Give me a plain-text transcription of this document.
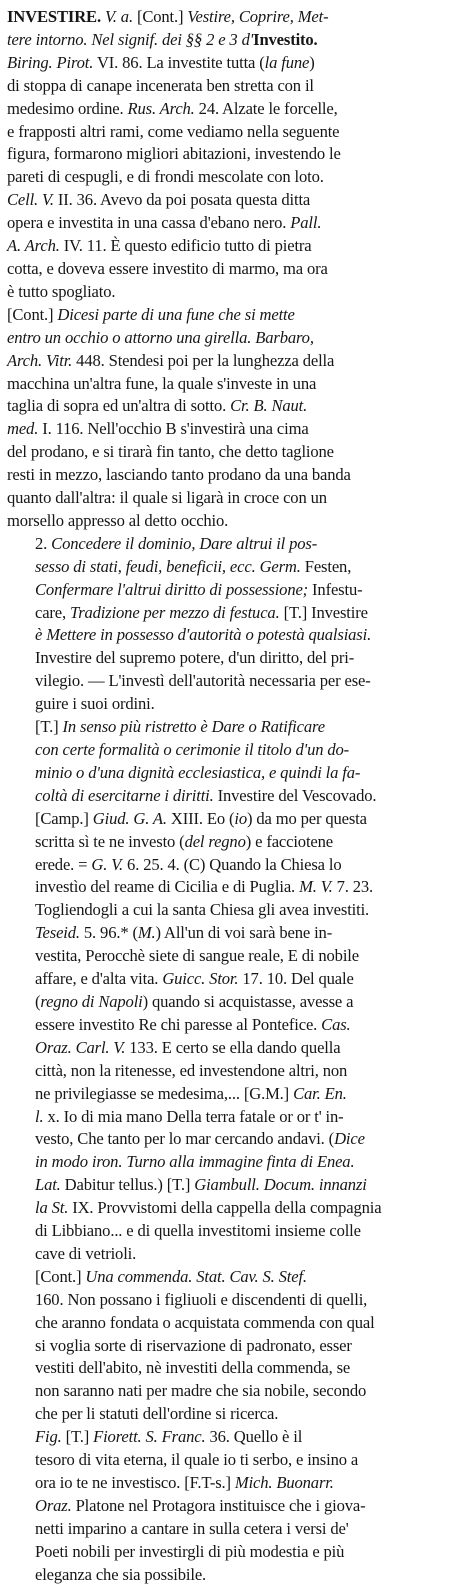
INVESTIRE. V. a. [Cont.] Vestire, Coprire, Met-
tere intorno. Nel signif. dei §§ 2 e 3 d'Investito.
Biring. Pirot. VI. 86. La investite tutta (la fune)
di stoppa di canape incenerata ben stretta con il
medesimo ordine. Rus. Arch. 24. Alzate le forcelle,
e frapposti altri rami, come vediamo nella seguente
figura, formarono migliori abitazioni, investendo le
pareti di cespugli, e di frondi mescolate con loto.
Cell. V. II. 36. Avevo da poi posata questa ditta
opera e investita in una cassa d'ebano nero. Pall.
A. Arch. IV. 11. È questo edificio tutto di pietra
cotta, e doveva essere investito di marmo, ma ora
è tutto spogliato.
[Cont.] Dicesi parte di una fune che si mette
entro un occhio o attorno una girella. Barbaro,
Arch. Vitr. 448. Stendesi poi per la lunghezza della
macchina un'altra fune, la quale s'investe in una
taglia di sopra ed un'altra di sotto. Cr. B. Naut.
med. I. 116. Nell'occhio B s'investirà una cima
del prodano, e si tirarà fin tanto, che detto taglione
resti in mezzo, lasciando tanto prodano da una banda
quanto dall'altra: il quale si ligarà in croce con un
morsello appresso al detto occhio.
2. Concedere il dominio, Dare altrui il pos-
sesso di stati, feudi, beneficii, ecc. Germ. Festen,
Confermare l'altrui diritto di possessione; Infestu-
care, Tradizione per mezzo di festuca. [T.] Investire
è Mettere in possesso d'autorità o potestà qualsiasi.
Investire del supremo potere, d'un diritto, del pri-
vilegio. — L'investì dell'autorità necessaria per ese-
guire i suoi ordini.
[T.] In senso più ristretto è Dare o Ratificare
con certe formalità o cerimonie il titolo d'un do-
minio o d'una dignità ecclesiastica, e quindi la fa-
coltà di esercitarne i diritti. Investire del Vescovado.
[Camp.] Giud. G. A. XIII. Eo (io) da mo per questa
scritta sì te ne investo (del regno) e facciotene
erede. = G. V. 6. 25. 4. (C) Quando la Chiesa lo
investìo del reame di Cicilia e di Puglia. M. V. 7. 23.
Togliendogli a cui la santa Chiesa gli avea investiti.
Teseid. 5. 96.* (M.) All'un di voi sarà bene in-
vestita, Perocchè siete di sangue reale, E di nobile
affare, e d'alta vita. Guicc. Stor. 17. 10. Del quale
(regno di Napoli) quando si acquistasse, avesse a
essere investito Re chi paresse al Pontefice. Cas.
Oraz. Carl. V. 133. E certo se ella dando quella
città, non la ritenesse, ed investendone altri, non
ne privilegiasse se medesima,... [G.M.] Car. En.
l. x. Io di mia mano Della terra fatale or or t' in-
vesto, Che tanto per lo mar cercando andavi. (Dice
in modo iron. Turno alla immagine finta di Enea.
Lat. Dabitur tellus.) [T.] Giambull. Docum. innanzi
la St. IX. Provvistomi della cappella della compagnia
di Libbiano... e di quella investitomi insieme colle
cave di vetrioli.
[Cont.] Una commenda. Stat. Cav. S. Stef.
160. Non possano i figliuoli e discendenti di quelli,
che aranno fondata o acquistata commenda con qual
si voglia sorte di riservazione di padronato, esser
vestiti dell'abito, nè investiti della commenda, se
non saranno nati per madre che sia nobile, secondo
che per li statuti dell'ordine si ricerca.
Fig. [T.] Fiorett. S. Franc. 36. Quello è il
tesoro di vita eterna, il quale io ti serbo, e insino a
ora io te ne investisco. [F.T-s.] Mich. Buonarr.
Oraz. Platone nel Protagora instituisce che i giova-
netti imparino a cantare in sulla cetera i versi de'
Poeti nobili per investirgli di più modestia e più
eleganza che sia possibile.
